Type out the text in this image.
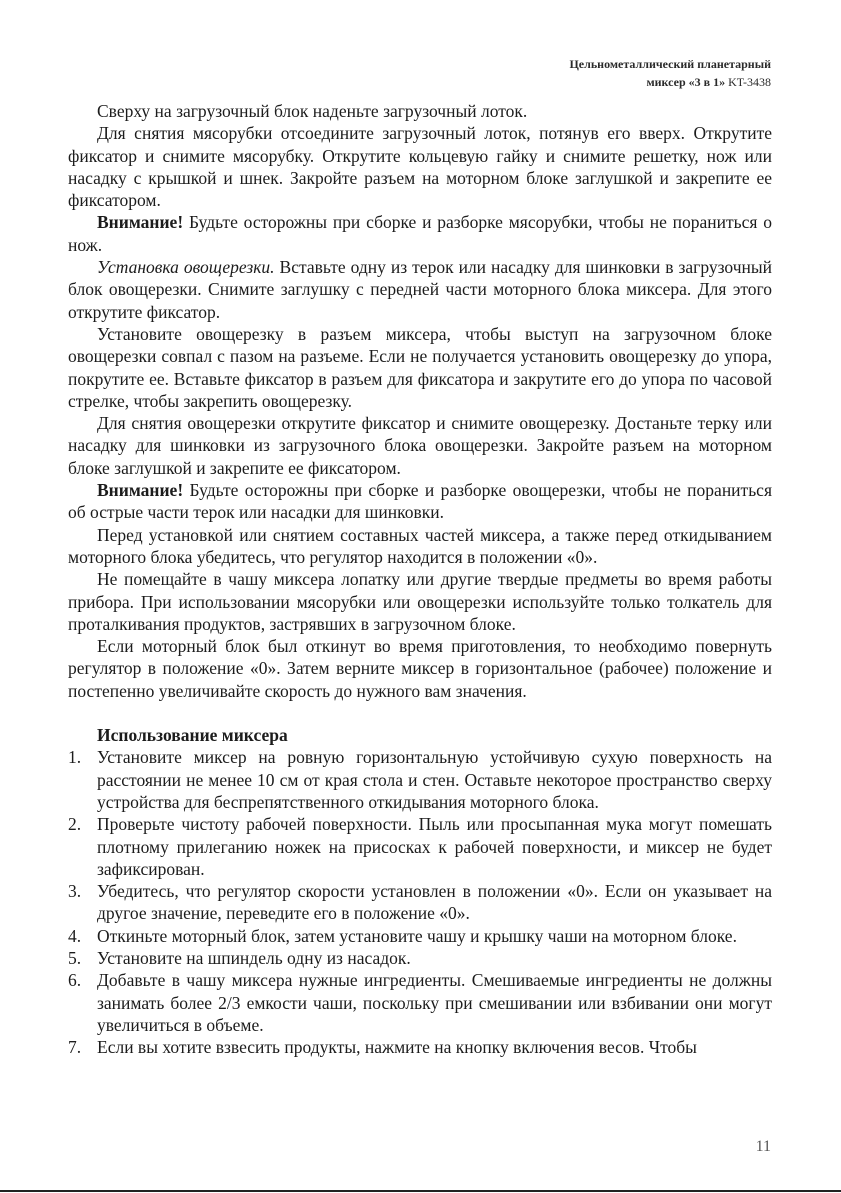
Цельнометаллический планетарный
миксер «3 в 1» KT-3438

Сверху на загрузочный блок наденьте загрузочный лоток.

Для снятия мясорубки отсоедините загрузочный лоток, потянув его вверх. Открутите фиксатор и снимите мясорубку. Открутите кольцевую гайку и снимите решетку, нож или насадку с крышкой и шнек. Закройте разъем на моторном блоке заглушкой и закрепите ее фиксатором.

Внимание! Будьте осторожны при сборке и разборке мясорубки, чтобы не пораниться о нож.

Установка овощерезки. Вставьте одну из терок или насадку для шинковки в загрузочный блок овощерезки. Снимите заглушку с передней части моторного блока миксера. Для этого открутите фиксатор.

Установите овощерезку в разъем миксера, чтобы выступ на загрузочном блоке овощерезки совпал с пазом на разъеме. Если не получается установить овощерезку до упора, покрутите ее. Вставьте фиксатор в разъем для фиксатора и закрутите его до упора по часовой стрелке, чтобы закрепить овощерезку.

Для снятия овощерезки открутите фиксатор и снимите овощерезку. Достаньте терку или насадку для шинковки из загрузочного блока овощерезки. Закройте разъем на моторном блоке заглушкой и закрепите ее фиксатором.

Внимание! Будьте осторожны при сборке и разборке овощерезки, чтобы не пораниться об острые части терок или насадки для шинковки.

Перед установкой или снятием составных частей миксера, а также перед откидыванием моторного блока убедитесь, что регулятор находится в положении «0».

Не помещайте в чашу миксера лопатку или другие твердые предметы во время работы прибора. При использовании мясорубки или овощерезки используйте только толкатель для проталкивания продуктов, застрявших в загрузочном блоке.

Если моторный блок был откинут во время приготовления, то необходимо повернуть регулятор в положение «0». Затем верните миксер в горизонтальное (рабочее) положение и постепенно увеличивайте скорость до нужного вам значения.

Использование миксера
1. Установите миксер на ровную горизонтальную устойчивую сухую поверхность на расстоянии не менее 10 см от края стола и стен. Оставьте некоторое пространство сверху устройства для беспрепятственного откидывания моторного блока.
2. Проверьте чистоту рабочей поверхности. Пыль или просыпанная мука могут помешать плотному прилеганию ножек на присосках к рабочей поверхности, и миксер не будет зафиксирован.
3. Убедитесь, что регулятор скорости установлен в положении «0». Если он указывает на другое значение, переведите его в положение «0».
4. Откиньте моторный блок, затем установите чашу и крышку чаши на моторном блоке.
5. Установите на шпиндель одну из насадок.
6. Добавьте в чашу миксера нужные ингредиенты. Смешиваемые ингредиенты не должны занимать более 2/3 емкости чаши, поскольку при смешивании или взбивании они могут увеличиться в объеме.
7. Если вы хотите взвесить продукты, нажмите на кнопку включения весов. Чтобы
11
